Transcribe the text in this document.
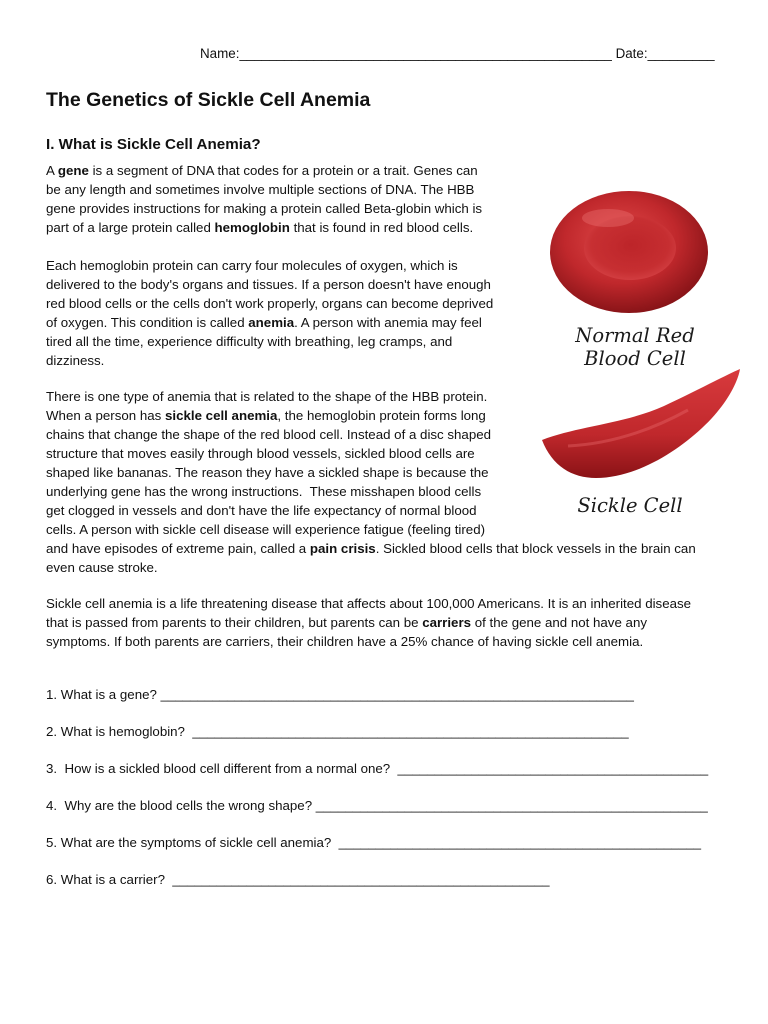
Name:__________________________________________________ Date:_________
The Genetics of Sickle Cell Anemia
I. What is Sickle Cell Anemia?

A gene is a segment of DNA that codes for a protein or a trait. Genes can
be any length and sometimes involve multiple sections of DNA. The HBB
gene provides instructions for making a protein called Beta-globin which is
part of a large protein called hemoglobin that is found in red blood cells.

Each hemoglobin protein can carry four molecules of oxygen, which is
delivered to the body's organs and tissues. If a person doesn't have enough
red blood cells or the cells don't work properly, organs can become deprived
of oxygen. This condition is called anemia. A person with anemia may feel
tired all the time, experience difficulty with breathing, leg cramps, and
dizziness.

There is one type of anemia that is related to the shape of the HBB protein.
When a person has sickle cell anemia, the hemoglobin protein forms long
chains that change the shape of the red blood cell. Instead of a disc shaped
structure that moves easily through blood vessels, sickled blood cells are
shaped like bananas. The reason they have a sickled shape is because the
underlying gene has the wrong instructions.  These misshapen blood cells
get clogged in vessels and don't have the life expectancy of normal blood
cells. A person with sickle cell disease will experience fatigue (feeling tired)
and have episodes of extreme pain, called a pain crisis. Sickled blood cells that block vessels in the brain can
even cause stroke.

Sickle cell anemia is a life threatening disease that affects about 100,000 Americans. It is an inherited disease
that is passed from parents to their children, but parents can be carriers of the gene and not have any
symptoms. If both parents are carriers, their children have a 25% chance of having sickle cell anemia.

1. What is a gene? ________________________________________________________________
2. What is hemoglobin?  ___________________________________________________________
3.  How is a sickled blood cell different from a normal one?  __________________________________________
4.  Why are the blood cells the wrong shape? _____________________________________________________
5. What are the symptoms of sickle cell anemia?  _________________________________________________
6. What is a carrier?  ___________________________________________________
Normal Red
Blood Cell
Sickle Cell
